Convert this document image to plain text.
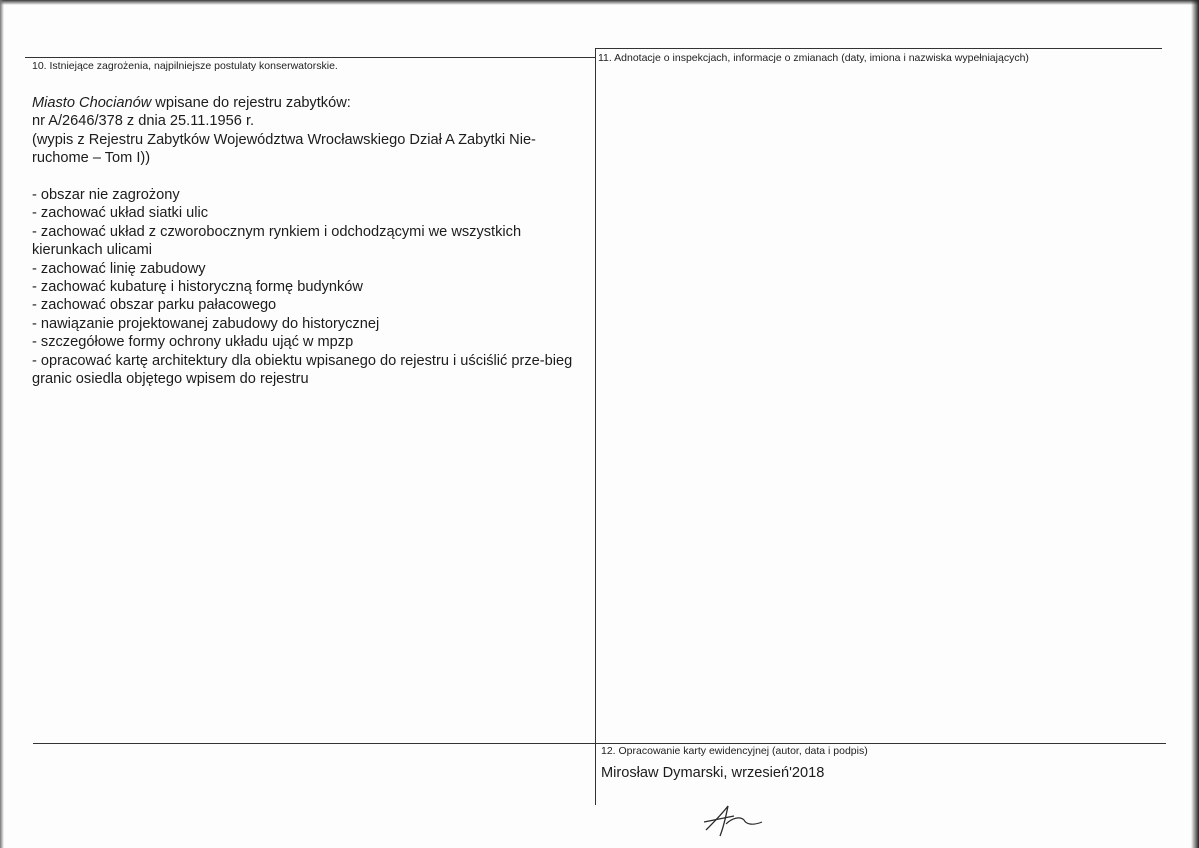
10. Istniejące zagrożenia, najpilniejsze postulaty konserwatorskie.

Miasto Chocianów wpisane do rejestru zabytków:

nr A/2646/378 z dnia 25.11.1956 r.

(wypis z Rejestru Zabytków Województwa Wrocławskiego Dział A Zabytki Nie-

ruchome – Tom I))

- obszar nie zagrożony
- zachować układ siatki ulic
- zachować układ z czworobocznym rynkiem i odchodzącymi we wszystkich kierunkach ulicami
- zachować linię zabudowy
- zachować kubaturę i historyczną formę budynków
- zachować obszar parku pałacowego
- nawiązanie projektowanej zabudowy do historycznej
- szczegółowe formy ochrony układu ująć w mpzp
- opracować kartę architektury dla obiektu wpisanego do rejestru i uściślić prze-bieg granic osiedla objętego wpisem do rejestru
11. Adnotacje o inspekcjach, informacje o zmianach (daty, imiona i nazwiska wypełniających)
12. Opracowanie karty ewidencyjnej (autor, data i podpis)
Mirosław Dymarski, wrzesień'2018
